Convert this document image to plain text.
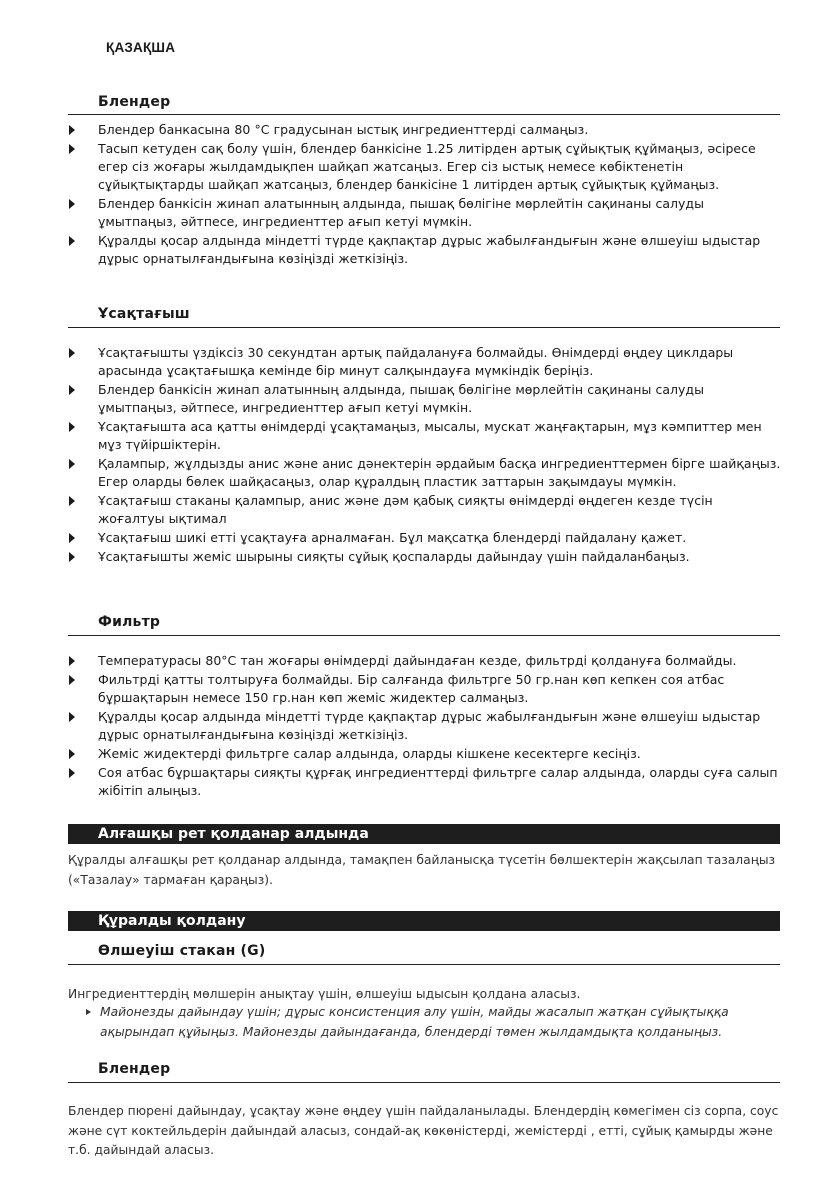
ҚАЗАҚША
Блендер
Блендер банкасына 80 °C градусынан ыстық ингредиенттерді салмаңыз.
Тасып кетуден сақ болу үшін, блендер банкісіне 1.25 литірден артық сұйықтық құймаңыз, әсіресе егер сіз жоғары жылдамдықпен шайқап жатсаңыз. Егер сіз ыстық немесе көбіктенетін сұйықтықтарды шайқап жатсаңыз, блендер банкісіне 1 литірден артық сұйықтық құймаңыз.
Блендер банкісін жинап алатынның алдында, пышақ бөлігіне мөрлейтін сақинаны салуды ұмытпаңыз, әйтпесе, ингредиенттер ағып кетуі мүмкін.
Құралды қосар алдында міндетті түрде қақпақтар дұрыс жабылғандығын және өлшеуіш ыдыстар дұрыс орнатылғандығына көзіңізді жеткізіңіз.
Ұсақтағыш
Ұсақтағышты үздіксіз 30 секундтан артық пайдалануға болмайды. Өнімдерді өңдеу циклдары арасында ұсақтағышқа кемінде бір минут салқындауға мүмкіндік беріңіз.
Блендер банкісін жинап алатынның алдында, пышақ бөлігіне мөрлейтін сақинаны салуды ұмытпаңыз, әйтпесе, ингредиенттер ағып кетуі мүмкін.
Ұсақтағышта аса қатты өнімдерді ұсақтамаңыз, мысалы, мускат жаңғақтарын, мұз кәмпиттер мен мұз түйіршіктерін.
Қалампыр, жұлдызды анис және анис дәнектерін әрдайым басқа ингредиенттермен бірге шайқаңыз. Егер оларды бөлек шайқасаңыз, олар құралдың пластик заттарын зақымдауы мүмкін.
Ұсақтағыш стаканы қалампыр, анис және дәм қабық сияқты өнімдерді өңдеген кезде түсін жоғалтуы ықтимал
Ұсақтағыш шикі етті ұсақтауға арналмаған. Бұл мақсатқа блендерді пайдалану қажет.
Ұсақтағышты жеміс шырыны сияқты сұйық қоспаларды дайындау үшін пайдаланбаңыз.
Фильтр
Температурасы 80°C тан жоғары өнімдерді дайындаған кезде, фильтрді қолдануға болмайды.
Фильтрді қатты толтыруға болмайды. Бір салғанда фильтрге 50 гр.нан көп кепкен соя атбас бұршақтарын немесе 150 гр.нан көп жеміс жидектер салмаңыз.
Құралды қосар алдында міндетті түрде қақпақтар дұрыс жабылғандығын және өлшеуіш ыдыстар дұрыс орнатылғандығына көзіңізді жеткізіңіз.
Жеміс жидектерді фильтрге салар алдында, оларды кішкене кесектерге кесіңіз.
Соя атбас бұршақтары сияқты құрғақ ингредиенттерді фильтрге салар алдында, оларды суға салып жібітіп алыңыз.
Алғашқы рет қолданар алдында
Құралды алғашқы рет қолданар алдында, тамақпен байланысқа түсетін бөлшектерін жақсылап тазалаңыз («Тазалау» тармаған қараңыз).
Құралды қолдану
Өлшеуіш стакан (G)
Ингредиенттердің мөлшерін анықтау үшін, өлшеуіш ыдысын қолдана аласыз.
Майонезды дайындау үшін; дұрыс консистенция алу үшін, майды жасалып жатқан сұйықтыққа ақырындап құйыңыз. Майонезды дайындағанда, блендерді төмен жылдамдықта қолданыңыз.
Блендер
Блендер пюрені дайындау, ұсақтау және өңдеу үшін пайдаланылады. Блендердің көмегімен сіз сорпа, соус және сүт коктейльдерін дайындай аласыз, сондай-ақ көкөністерді, жемістерді , етті, сұйық қамырды және т.б. дайындай аласыз.
